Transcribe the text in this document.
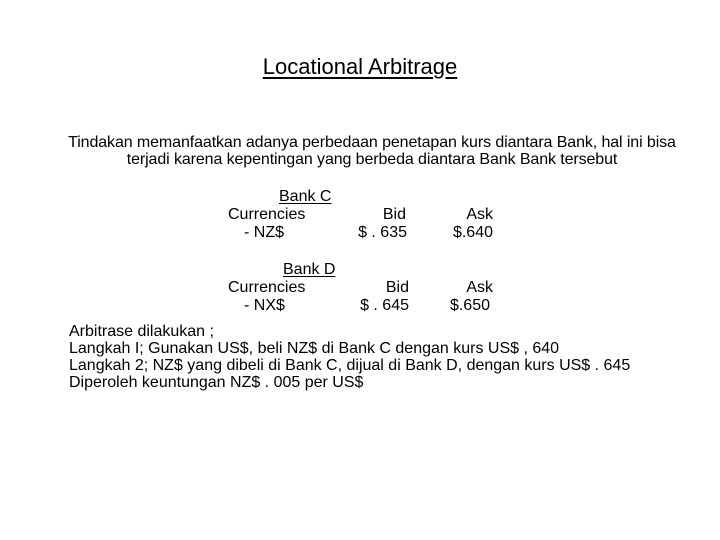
Locational Arbitrage
Tindakan memanfaatkan adanya perbedaan penetapan kurs diantara Bank, hal ini bisa terjadi karena kepentingan yang berbeda diantara Bank Bank tersebut
Bank C
Currencies
- NZ$
Bid
$ . 635
Ask
$.640
Bank D
Currencies
- NX$
Bid
$ . 645
Ask
$.650
Arbitrase dilakukan ;
Langkah I; Gunakan US$, beli NZ$ di Bank C dengan kurs US$ , 640
Langkah 2; NZ$ yang dibeli di Bank C, dijual di Bank D, dengan kurs US$ . 645
Diperoleh keuntungan NZ$ . 005 per US$
